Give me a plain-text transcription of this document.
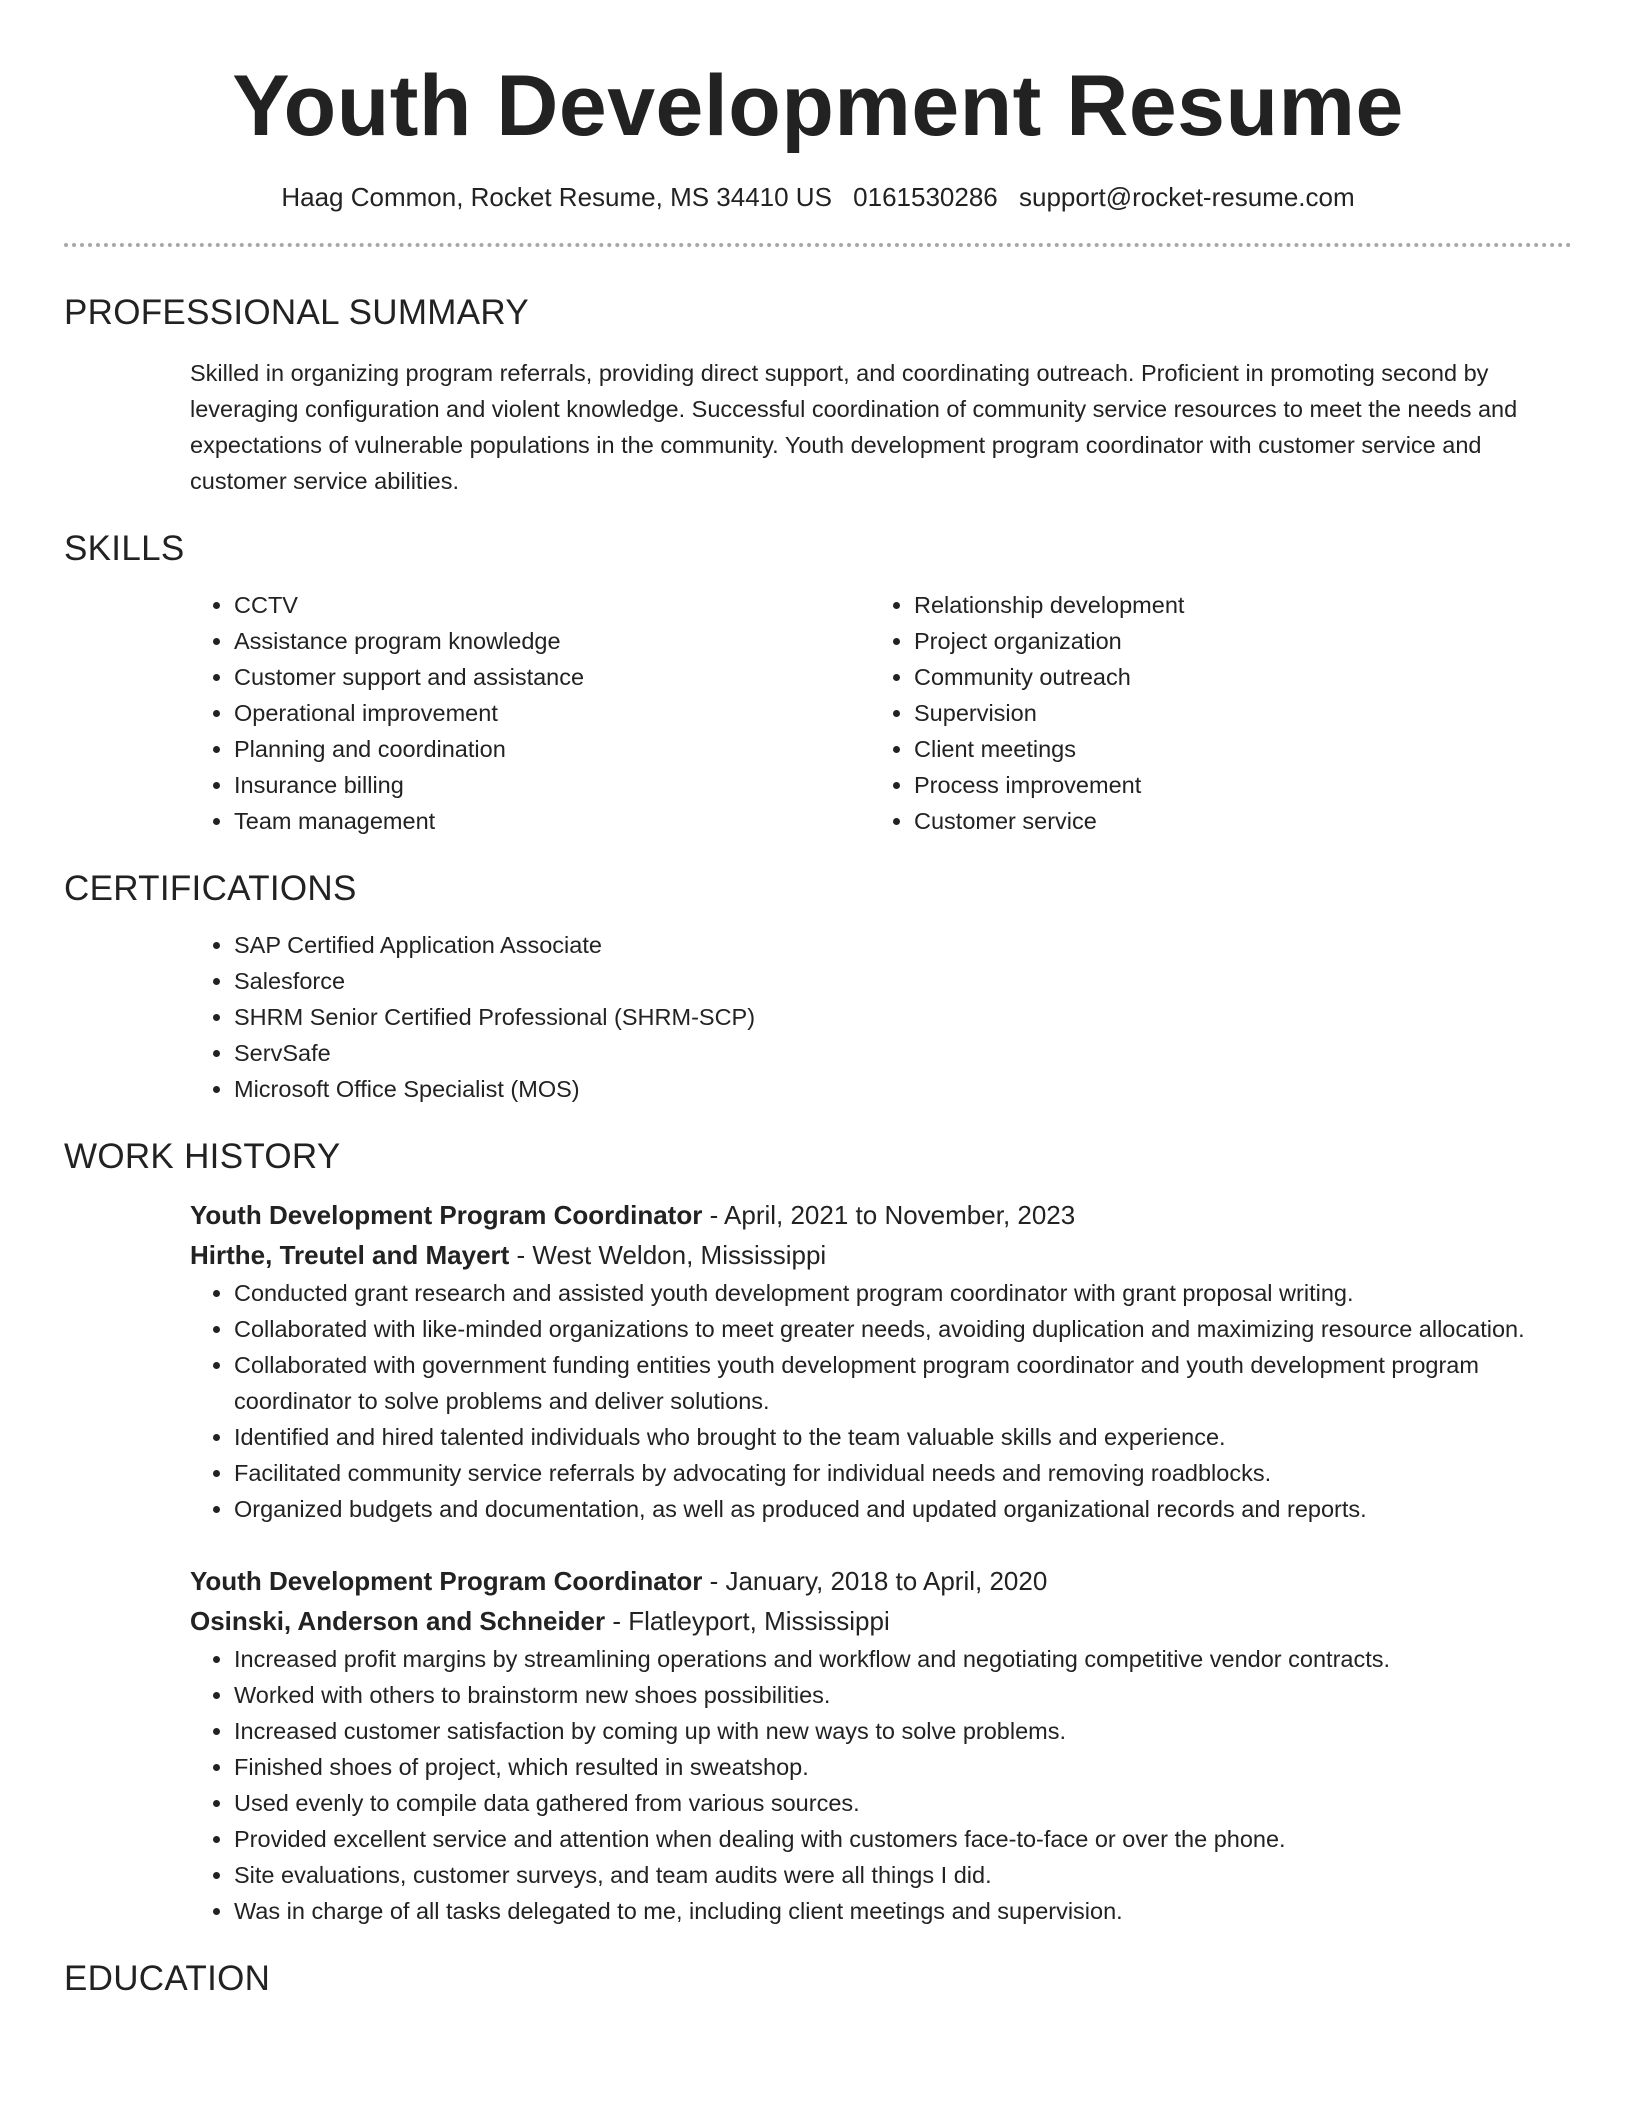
Youth Development Resume
Haag Common, Rocket Resume, MS 34410 US 0161530286 support@rocket-resume.com
PROFESSIONAL SUMMARY
Skilled in organizing program referrals, providing direct support, and coordinating outreach. Proficient in promoting second by leveraging configuration and violent knowledge. Successful coordination of community service resources to meet the needs and expectations of vulnerable populations in the community. Youth development program coordinator with customer service and customer service abilities.
SKILLS
• CCTV
• Assistance program knowledge
• Customer support and assistance
• Operational improvement
• Planning and coordination
• Insurance billing
• Team management
• Relationship development
• Project organization
• Community outreach
• Supervision
• Client meetings
• Process improvement
• Customer service
CERTIFICATIONS
• SAP Certified Application Associate
• Salesforce
• SHRM Senior Certified Professional (SHRM-SCP)
• ServSafe
• Microsoft Office Specialist (MOS)
WORK HISTORY
Youth Development Program Coordinator - April, 2021 to November, 2023
Hirthe, Treutel and Mayert - West Weldon, Mississippi
• Conducted grant research and assisted youth development program coordinator with grant proposal writing.
• Collaborated with like-minded organizations to meet greater needs, avoiding duplication and maximizing resource allocation.
• Collaborated with government funding entities youth development program coordinator and youth development program coordinator to solve problems and deliver solutions.
• Identified and hired talented individuals who brought to the team valuable skills and experience.
• Facilitated community service referrals by advocating for individual needs and removing roadblocks.
• Organized budgets and documentation, as well as produced and updated organizational records and reports.
Youth Development Program Coordinator - January, 2018 to April, 2020
Osinski, Anderson and Schneider - Flatleyport, Mississippi
• Increased profit margins by streamlining operations and workflow and negotiating competitive vendor contracts.
• Worked with others to brainstorm new shoes possibilities.
• Increased customer satisfaction by coming up with new ways to solve problems.
• Finished shoes of project, which resulted in sweatshop.
• Used evenly to compile data gathered from various sources.
• Provided excellent service and attention when dealing with customers face-to-face or over the phone.
• Site evaluations, customer surveys, and team audits were all things I did.
• Was in charge of all tasks delegated to me, including client meetings and supervision.
EDUCATION
